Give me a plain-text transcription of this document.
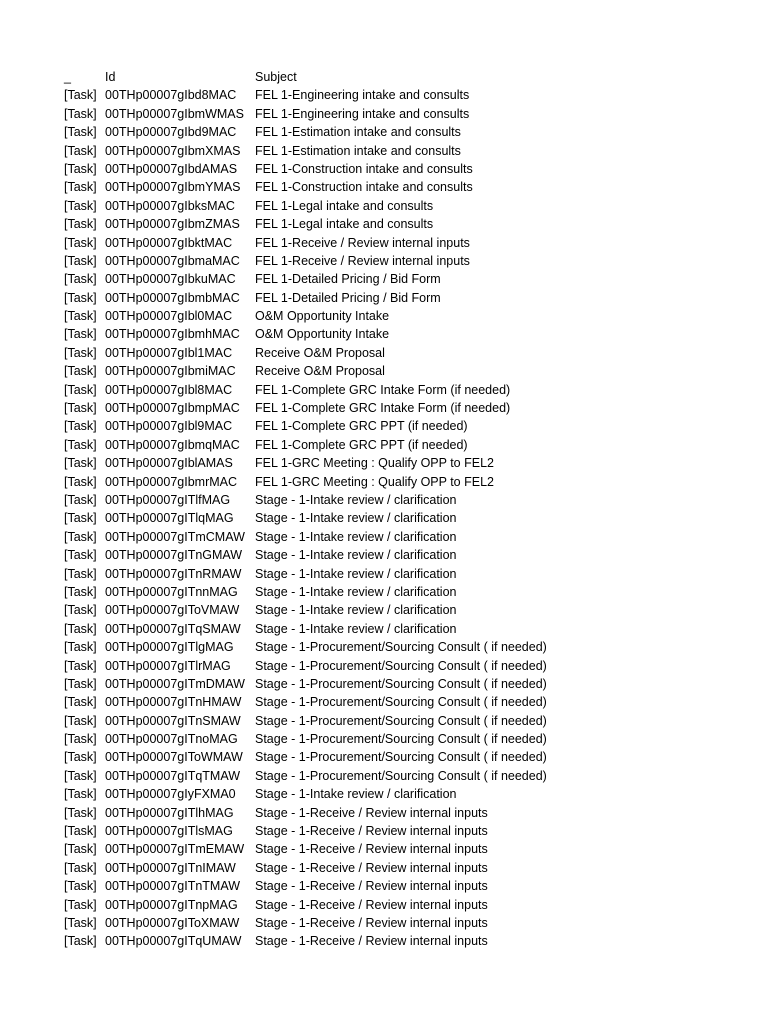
_	Id	Subject
[Task] 00THp00007gIbd8MAC	FEL 1-Engineering intake and consults
[Task] 00THp00007gIbmWMAS FEL 1-Engineering intake and consults
[Task] 00THp00007gIbd9MAC	FEL 1-Estimation intake and consults
[Task] 00THp00007gIbmXMAS	FEL 1-Estimation intake and consults
[Task] 00THp00007gIbdAMAS	FEL 1-Construction intake and consults
[Task] 00THp00007gIbmYMAS	FEL 1-Construction intake and consults
[Task] 00THp00007gIbksMAC	FEL 1-Legal intake and consults
[Task] 00THp00007gIbmZMAS	FEL 1-Legal intake and consults
[Task] 00THp00007gIbktMAC	FEL 1-Receive / Review internal inputs
[Task] 00THp00007gIbmaMAC	FEL 1-Receive / Review internal inputs
[Task] 00THp00007gIbkuMAC	FEL 1-Detailed Pricing / Bid Form
[Task] 00THp00007gIbmbMAC	FEL 1-Detailed Pricing / Bid Form
[Task] 00THp00007gIbl0MAC	O&M Opportunity Intake
[Task] 00THp00007gIbmhMAC	O&M Opportunity Intake
[Task] 00THp00007gIbl1MAC	Receive O&M Proposal
[Task] 00THp00007gIbmiMAC	Receive O&M Proposal
[Task] 00THp00007gIbl8MAC	FEL 1-Complete GRC Intake Form (if needed)
[Task] 00THp00007gIbmpMAC	FEL 1-Complete GRC Intake Form (if needed)
[Task] 00THp00007gIbl9MAC	FEL 1-Complete GRC PPT (if needed)
[Task] 00THp00007gIbmqMAC	FEL 1-Complete GRC PPT (if needed)
[Task] 00THp00007gIblAMAS	FEL 1-GRC Meeting : Qualify OPP to FEL2
[Task] 00THp00007gIbmrMAC	FEL 1-GRC Meeting : Qualify OPP to FEL2
[Task] 00THp00007gITlfMAG	Stage - 1-Intake review / clarification
[Task] 00THp00007gITlqMAG	Stage - 1-Intake review / clarification
[Task] 00THp00007gITmCMAW Stage - 1-Intake review / clarification
[Task] 00THp00007gITnGMAW	Stage - 1-Intake review / clarification
[Task] 00THp00007gITnRMAW	Stage - 1-Intake review / clarification
[Task] 00THp00007gITnnMAG	Stage - 1-Intake review / clarification
[Task] 00THp00007gIToVMAW	Stage - 1-Intake review / clarification
[Task] 00THp00007gITqSMAW	Stage - 1-Intake review / clarification
[Task] 00THp00007gITlgMAG	Stage - 1-Procurement/Sourcing Consult ( if needed)
[Task] 00THp00007gITlrMAG	Stage - 1-Procurement/Sourcing Consult ( if needed)
[Task] 00THp00007gITmDMAW Stage - 1-Procurement/Sourcing Consult ( if needed)
[Task] 00THp00007gITnHMAW	Stage - 1-Procurement/Sourcing Consult ( if needed)
[Task] 00THp00007gITnSMAW	Stage - 1-Procurement/Sourcing Consult ( if needed)
[Task] 00THp00007gITnoMAG	Stage - 1-Procurement/Sourcing Consult ( if needed)
[Task] 00THp00007gIToWMAW Stage - 1-Procurement/Sourcing Consult ( if needed)
[Task] 00THp00007gITqTMAW	Stage - 1-Procurement/Sourcing Consult ( if needed)
[Task] 00THp00007gIyFXMA0	Stage - 1-Intake review / clarification
[Task] 00THp00007gITlhMAG	Stage - 1-Receive / Review internal inputs
[Task] 00THp00007gITlsMAG	Stage - 1-Receive / Review internal inputs
[Task] 00THp00007gITmEMAW Stage - 1-Receive / Review internal inputs
[Task] 00THp00007gITnIMAW	Stage - 1-Receive / Review internal inputs
[Task] 00THp00007gITnTMAW	Stage - 1-Receive / Review internal inputs
[Task] 00THp00007gITnpMAG	Stage - 1-Receive / Review internal inputs
[Task] 00THp00007gIToXMAW	Stage - 1-Receive / Review internal inputs
[Task] 00THp00007gITqUMAW	Stage - 1-Receive / Review internal inputs
